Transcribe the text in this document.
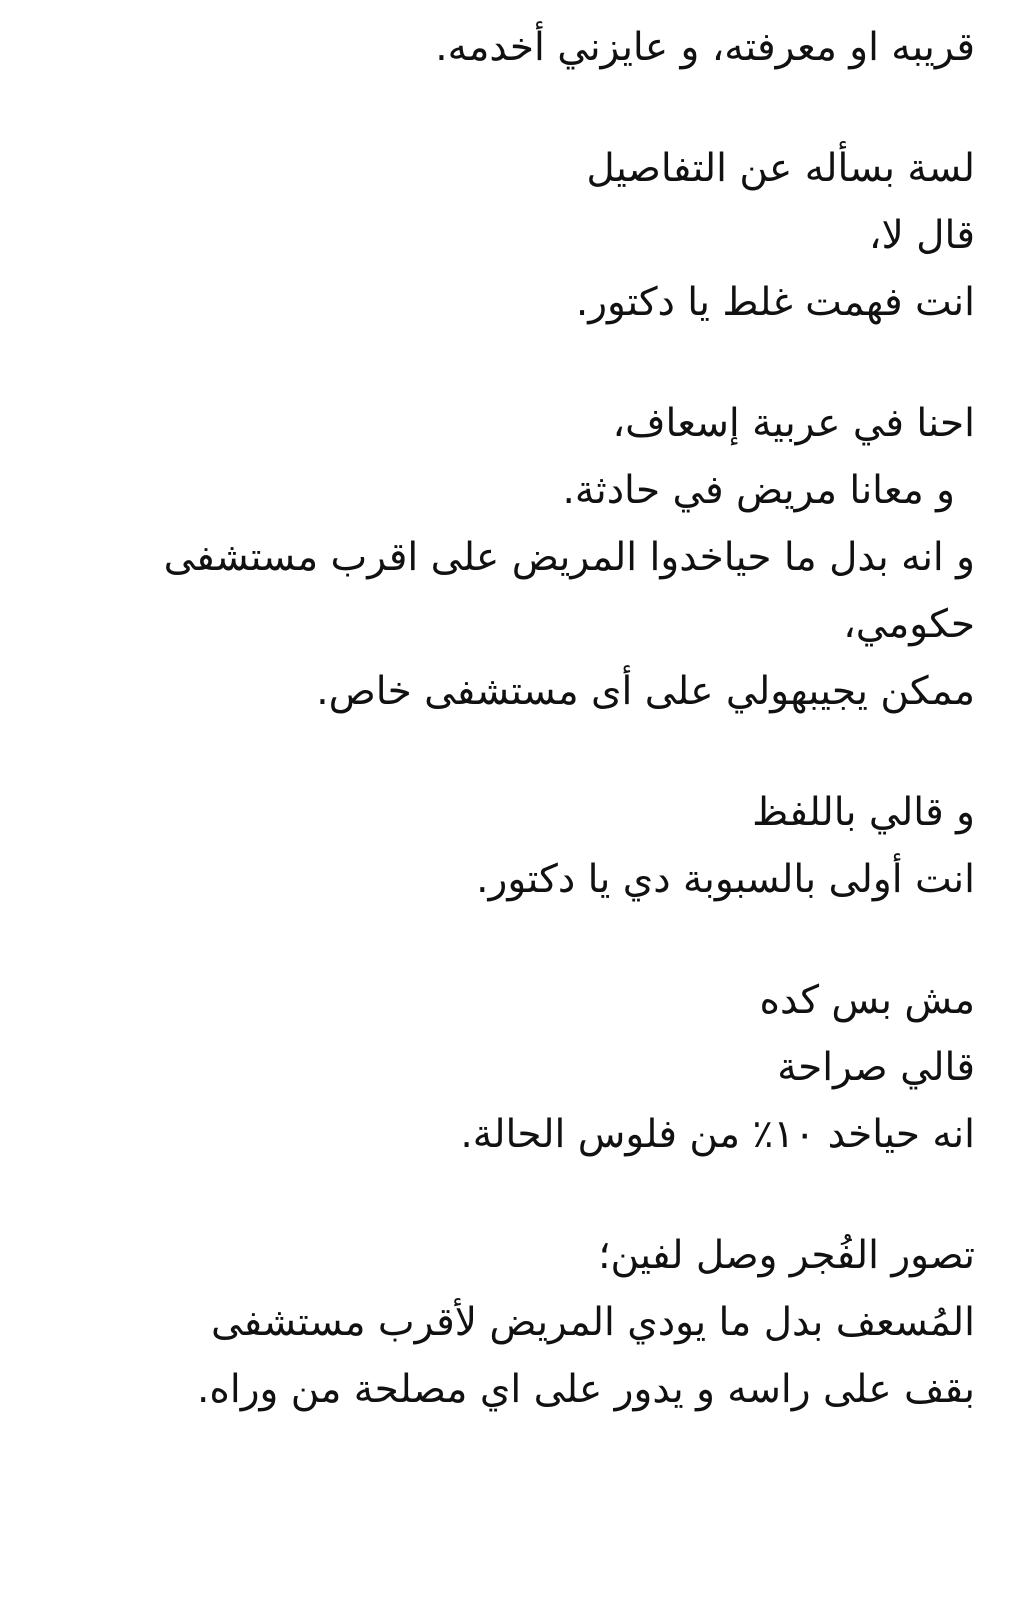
قريبه او معرفته، و عايزني أخدمه.

لسة بسأله عن التفاصيل
قال لا،
انت فهمت غلط يا دكتور.

احنا في عربية إسعاف،
و معانا مريض في حادثة.
و انه بدل ما حياخدوا المريض على اقرب مستشفى
حكومي،
ممكن يجيبهولي على أى مستشفى خاص.

و قالي باللفظ
انت أولى بالسبوبة دي يا دكتور.

مش بس كده
قالي صراحة
انه حياخد ١٠٪ من فلوس الحالة.

تصور الفُجر وصل لفين؛
المُسعف بدل ما يودي المريض لأقرب مستشفى
بقف على راسه و يدور على اي مصلحة من وراه.
